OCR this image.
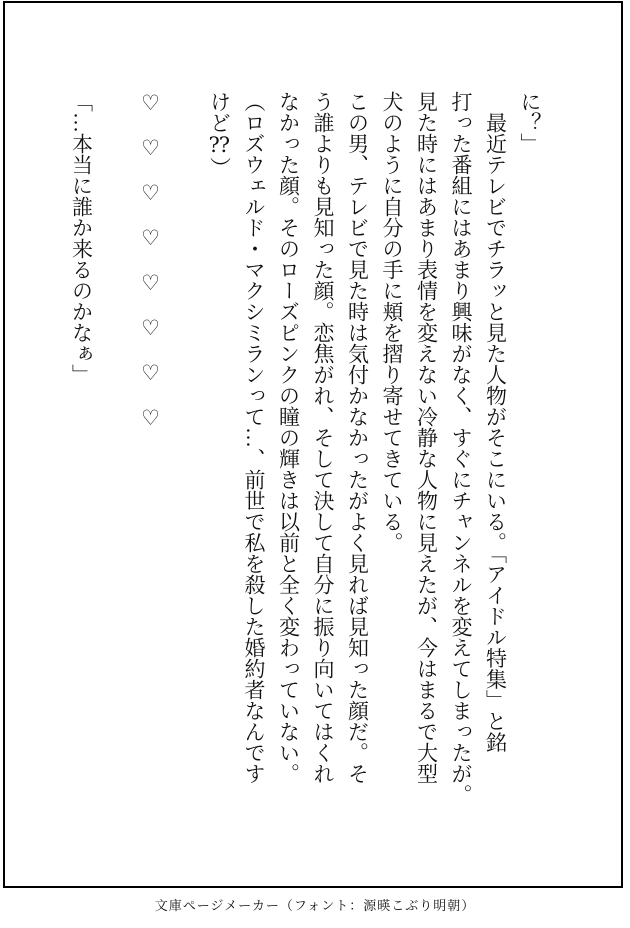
に？」
　最近テレビでチラッと見た人物がそこにいる。「アイドル特集」と銘
打った番組にはあまり興味がなく、すぐにチャンネルを変えてしまったが。
見た時にはあまり表情を変えない冷静な人物に見えたが、今はまるで大型
犬のように自分の手に頬を摺り寄せてきている。
この男、テレビで見た時は気付かなかったがよく見れば見知った顔だ。そ
う誰よりも見知った顔。恋焦がれ、そして決して自分に振り向いてはくれ
なかった顔。そのローズピンクの瞳の輝きは以前と全く変わっていない。
（ロズウェルド・マクシミランって…、前世で私を殺した婚約者なんです
けど⁇）
♡　♡　♡　♡　♡　♡　♡　♡
「…本当に誰か来るのかなぁ」
文庫ページメーカー（フォント：源暎こぶり明朝）
